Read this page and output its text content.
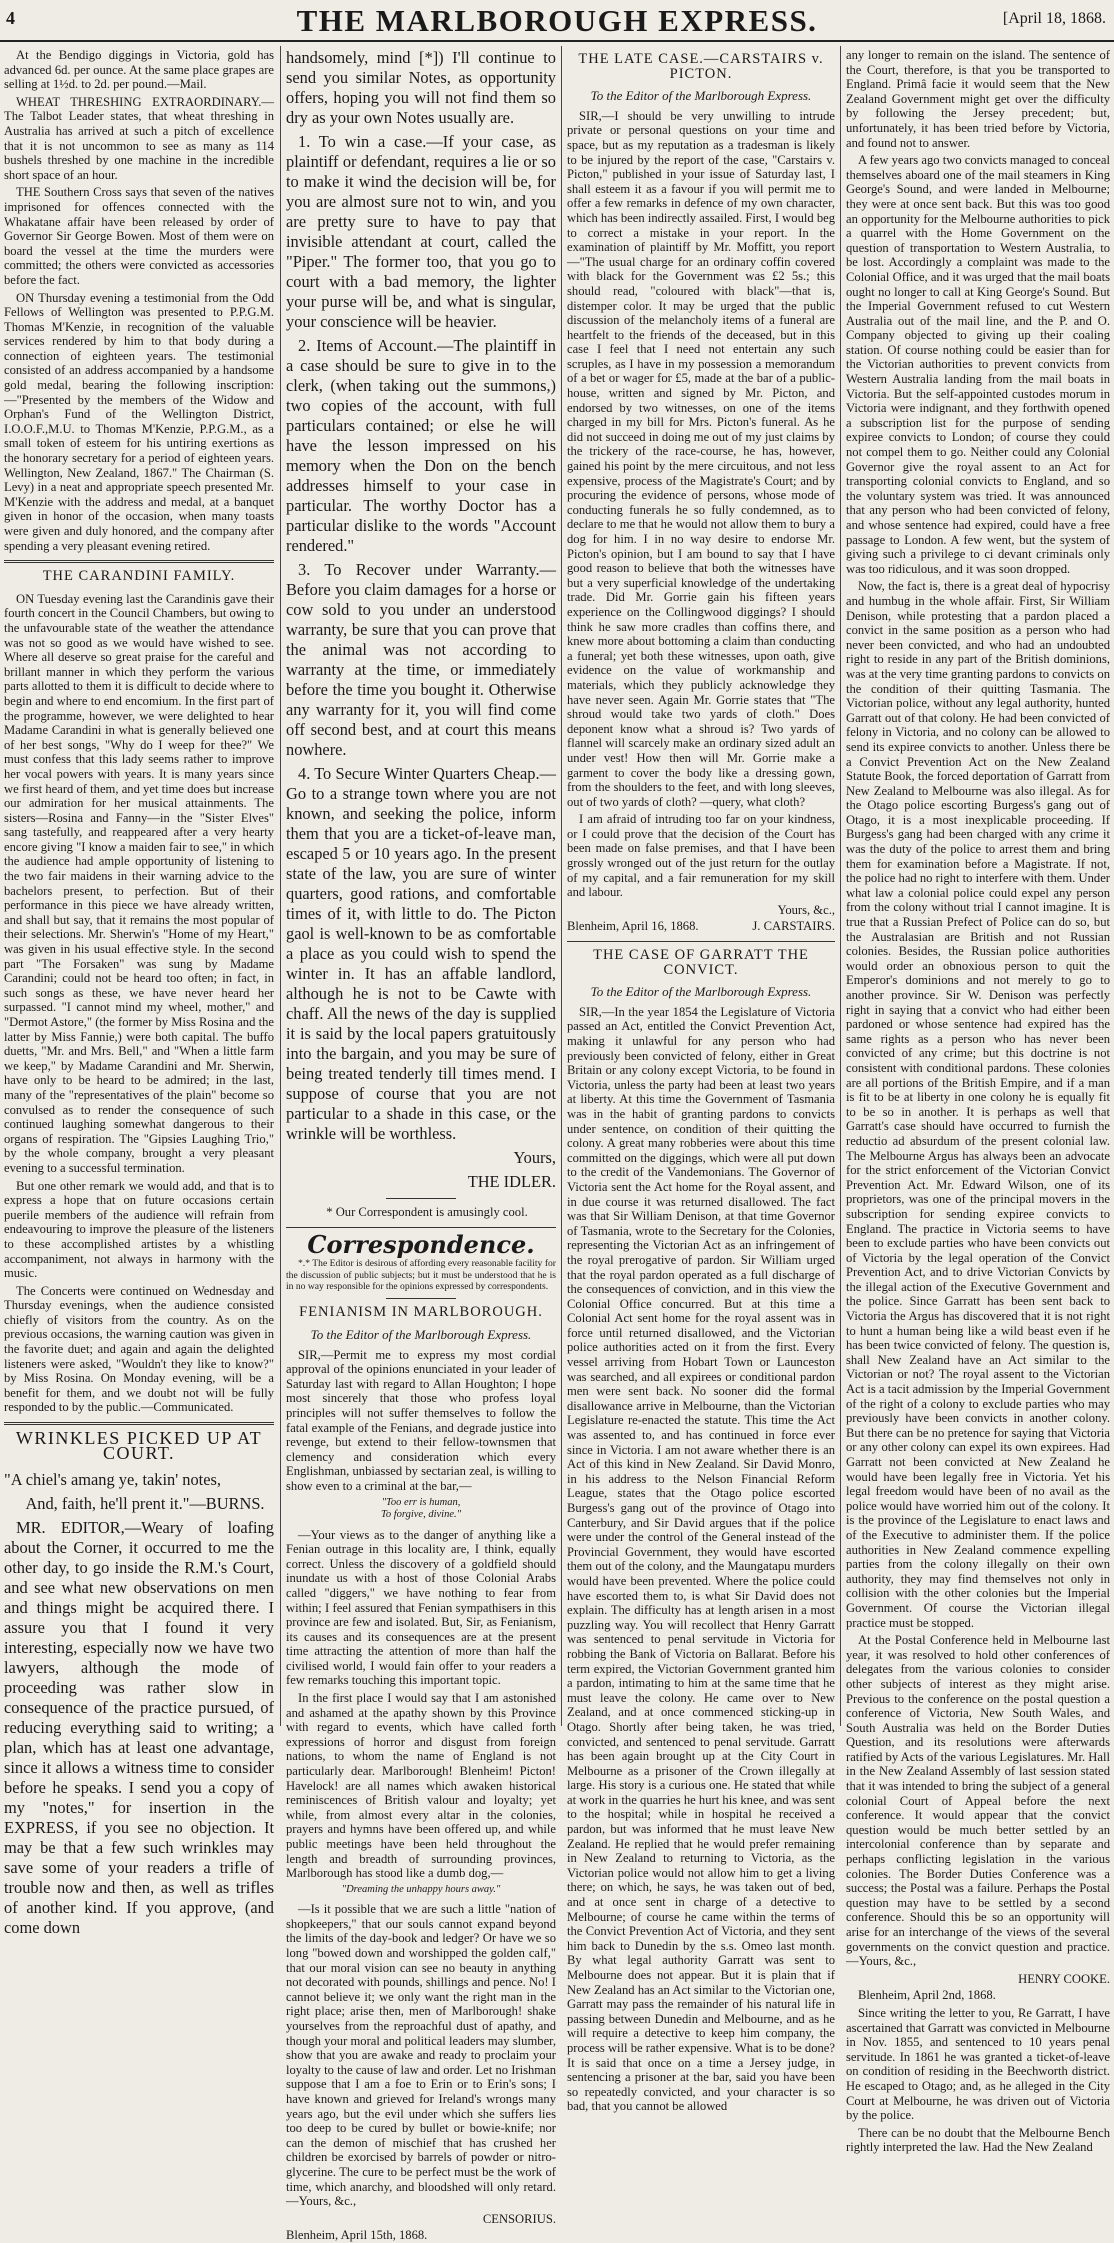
4	THE MARLBOROUGH EXPRESS.	[April 18, 1868.

At the Bendigo diggings in Victoria, gold has advanced 6d. per ounce. At the same place grapes are selling at 1½d. to 2d. per pound.—Mail.

WHEAT THRESHING EXTRAORDINARY.—The Talbot Leader states, that wheat threshing in Australia has arrived at such a pitch of excellence that it is not uncommon to see as many as 114 bushels threshed by one machine in the incredible short space of an hour.

THE Southern Cross says that seven of the natives imprisoned for offences connected with the Whakatane affair have been released by order of Governor Sir George Bowen. Most of them were on board the vessel at the time the murders were committed; the others were convicted as accessories before the fact.

ON Thursday evening a testimonial from the Odd Fellows of Wellington was presented to P.P.G.M. Thomas M'Kenzie, in recognition of the valuable services rendered by him to that body during a connection of eighteen years. The testimonial consisted of an address accompanied by a handsome gold medal, bearing the following inscription:—"Presented by the members of the Widow and Orphan's Fund of the Wellington District, I.O.O.F.,M.U. to Thomas M'Kenzie, P.P.G.M., as a small token of esteem for his untiring exertions as the honorary secretary for a period of eighteen years. Wellington, New Zealand, 1867." The Chairman (S. Levy) in a neat and appropriate speech presented Mr. M'Kenzie with the address and medal, at a banquet given in honor of the occasion, when many toasts were given and duly honored, and the company after spending a very pleasant evening retired.

THE CARANDINI FAMILY.

ON Tuesday evening last the Carandinis gave their fourth concert in the Council Chambers, but owing to the unfavourable state of the weather the attendance was not so good as we would have wished to see. Where all deserve so great praise for the careful and brillant manner in which they perform the various parts allotted to them it is difficult to decide where to begin and where to end encomium. In the first part of the programme, however, we were delighted to hear Madame Carandini in what is generally believed one of her best songs, "Why do I weep for thee?" We must confess that this lady seems rather to improve her vocal powers with years. It is many years since we first heard of them, and yet time does but increase our admiration for her musical attainments. The sisters—Rosina and Fanny—in the "Sister Elves" sang tastefully, and reappeared after a very hearty encore giving "I know a maiden fair to see," in which the audience had ample opportunity of listening to the two fair maidens in their warning advice to the bachelors present, to perfection. But of their performance in this piece we have already written, and shall but say, that it remains the most popular of their selections. Mr. Sherwin's "Home of my Heart," was given in his usual effective style. In the second part "The Forsaken" was sung by Madame Carandini; could not be heard too often; in fact, in such songs as these, we have never heard her surpassed. "I cannot mind my wheel, mother," and "Dermot Astore," (the former by Miss Rosina and the latter by Miss Fannie,) were both capital. The buffo duetts, "Mr. and Mrs. Bell," and "When a little farm we keep," by Madame Carandini and Mr. Sherwin, have only to be heard to be admired; in the last, many of the "representatives of the plain" become so convulsed as to render the consequence of such continued laughing somewhat dangerous to their organs of respiration. The "Gipsies Laughing Trio," by the whole company, brought a very pleasant evening to a successful termination.

But one other remark we would add, and that is to express a hope that on future occasions certain puerile members of the audience will refrain from endeavouring to improve the pleasure of the listeners to these accomplished artistes by a whistling accompaniment, not always in harmony with the music.

The Concerts were continued on Wednesday and Thursday evenings, when the audience consisted chiefly of visitors from the country. As on the previous occasions, the warning caution was given in the favorite duet; and again and again the delighted listeners were asked, "Wouldn't they like to know?" by Miss Rosina. On Monday evening, will be a benefit for them, and we doubt not will be fully responded to by the public.—Communicated.

WRINKLES PICKED UP AT COURT.

"A chiel's amang ye, takin' notes,

And, faith, he'll prent it."—BURNS.

MR. EDITOR,—Weary of loafing about the Corner, it occurred to me the other day, to go inside the R.M.'s Court, and see what new observations on men and things might be acquired there. I assure you that I found it very interesting, especially now we have two lawyers, although the mode of proceeding was rather slow in consequence of the practice pursued, of reducing everything said to writing; a plan, which has at least one advantage, since it allows a witness time to consider before he speaks. I send you a copy of my "notes," for insertion in the EXPRESS, if you see no objection. It may be that a few such wrinkles may save some of your readers a trifle of trouble now and then, as well as trifles of another kind. If you approve, (and come down

handsomely, mind [*]) I'll continue to send you similar Notes, as opportunity offers, hoping you will not find them so dry as your own Notes usually are.

1. To win a case.—If your case, as plaintiff or defendant, requires a lie or so to make it wind the decision will be, for you are almost sure not to win, and you are pretty sure to have to pay that invisible attendant at court, called the "Piper." The former too, that you go to court with a bad memory, the lighter your purse will be, and what is singular, your conscience will be heavier.

2. Items of Account.—The plaintiff in a case should be sure to give in to the clerk, (when taking out the summons,) two copies of the account, with full particulars contained; or else he will have the lesson impressed on his memory when the Don on the bench addresses himself to your case in particular. The worthy Doctor has a particular dislike to the words "Account rendered."

3. To Recover under Warranty.—Before you claim damages for a horse or cow sold to you under an understood warranty, be sure that you can prove that the animal was not according to warranty at the time, or immediately before the time you bought it. Otherwise any warranty for it, you will find come off second best, and at court this means nowhere.

4. To Secure Winter Quarters Cheap.—Go to a strange town where you are not known, and seeking the police, inform them that you are a ticket-of-leave man, escaped 5 or 10 years ago. In the present state of the law, you are sure of winter quarters, good rations, and comfortable times of it, with little to do. The Picton gaol is well-known to be as comfortable a place as you could wish to spend the winter in. It has an affable landlord, although he is not to be Cawte with chaff. All the news of the day is supplied it is said by the local papers gratuitously into the bargain, and you may be sure of being treated tenderly till times mend. I suppose of course that you are not particular to a shade in this case, or the wrinkle will be worthless.

Yours,

THE IDLER.

* Our Correspondent is amusingly cool.

Correspondence.

*.* The Editor is desirous of affording every reasonable facility for the discussion of public subjects; but it must be understood that he is in no way responsible for the opinions expressed by correspondents.

FENIANISM IN MARLBOROUGH.
To the Editor of the Marlborough Express.

SIR,—Permit me to express my most cordial approval of the opinions enunciated in your leader of Saturday last with regard to Allan Houghton; I hope most sincerely that those who profess loyal principles will not suffer themselves to follow the fatal example of the Fenians, and degrade justice into revenge, but extend to their fellow-townsmen that clemency and consideration which every Englishman, unbiassed by sectarian zeal, is willing to show even to a criminal at the bar,—

"Too err is human,
To forgive, divine."

—Your views as to the danger of anything like a Fenian outrage in this locality are, I think, equally correct. Unless the discovery of a goldfield should inundate us with a host of those Colonial Arabs called "diggers," we have nothing to fear from within; I feel assured that Fenian sympathisers in this province are few and isolated. But, Sir, as Fenianism, its causes and its consequences are at the present time attracting the attention of more than half the civilised world, I would fain offer to your readers a few remarks touching this important topic.

In the first place I would say that I am astonished and ashamed at the apathy shown by this Province with regard to events, which have called forth expressions of horror and disgust from foreign nations, to whom the name of England is not particularly dear. Marlborough! Blenheim! Picton! Havelock! are all names which awaken historical reminiscences of British valour and loyalty; yet while, from almost every altar in the colonies, prayers and hymns have been offered up, and while public meetings have been held throughout the length and breadth of surrounding provinces, Marlborough has stood like a dumb dog,—

"Dreaming the unhappy hours away."

—Is it possible that we are such a little "nation of shopkeepers," that our souls cannot expand beyond the limits of the day-book and ledger? Or have we so long "bowed down and worshipped the golden calf," that our moral vision can see no beauty in anything not decorated with pounds, shillings and pence. No! I cannot believe it; we only want the right man in the right place; arise then, men of Marlborough! shake yourselves from the reproachful dust of apathy, and though your moral and political leaders may slumber, show that you are awake and ready to proclaim your loyalty to the cause of law and order. Let no Irishman suppose that I am a foe to Erin or to Erin's sons; I have known and grieved for Ireland's wrongs many years ago, but the evil under which she suffers lies too deep to be cured by bullet or bowie-knife; nor can the demon of mischief that has crushed her children be exorcised by barrels of powder or nitro-glycerine. The cure to be perfect must be the work of time, which anarchy, and bloodshed will only retard.—Yours, &c.,

CENSORIUS.

Blenheim, April 15th, 1868.

THE LATE CASE.—CARSTAIRS v. PICTON.
To the Editor of the Marlborough Express.

SIR,—I should be very unwilling to intrude private or personal questions on your time and space, but as my reputation as a tradesman is likely to be injured by the report of the case, "Carstairs v. Picton," published in your issue of Saturday last, I shall esteem it as a favour if you will permit me to offer a few remarks in defence of my own character, which has been indirectly assailed. First, I would beg to correct a mistake in your report. In the examination of plaintiff by Mr. Moffitt, you report—"The usual charge for an ordinary coffin covered with black for the Government was £2 5s.; this should read, "coloured with black"—that is, distemper color. It may be urged that the public discussion of the melancholy items of a funeral are heartfelt to the friends of the deceased, but in this case I feel that I need not entertain any such scruples, as I have in my possession a memorandum of a bet or wager for £5, made at the bar of a public-house, written and signed by Mr. Picton, and endorsed by two witnesses, on one of the items charged in my bill for Mrs. Picton's funeral. As he did not succeed in doing me out of my just claims by the trickery of the race-course, he has, however, gained his point by the mere circuitous, and not less expensive, process of the Magistrate's Court; and by procuring the evidence of persons, whose mode of conducting funerals he so fully condemned, as to declare to me that he would not allow them to bury a dog for him. I in no way desire to endorse Mr. Picton's opinion, but I am bound to say that I have good reason to believe that both the witnesses have but a very superficial knowledge of the undertaking trade. Did Mr. Gorrie gain his fifteen years experience on the Collingwood diggings? I should think he saw more cradles than coffins there, and knew more about bottoming a claim than conducting a funeral; yet both these witnesses, upon oath, give evidence on the value of workmanship and materials, which they publicly acknowledge they have never seen. Again Mr. Gorrie states that "The shroud would take two yards of cloth." Does deponent know what a shroud is? Two yards of flannel will scarcely make an ordinary sized adult an under vest! How then will Mr. Gorrie make a garment to cover the body like a dressing gown, from the shoulders to the feet, and with long sleeves, out of two yards of cloth? —query, what cloth?

I am afraid of intruding too far on your kindness, or I could prove that the decision of the Court has been made on false premises, and that I have been grossly wronged out of the just return for the outlay of my capital, and a fair remuneration for my skill and labour.

Yours, &c.,

Blenheim, April 16, 1868.	J. CARSTAIRS.

THE CASE OF GARRATT THE CONVICT.
To the Editor of the Marlborough Express.

SIR,—In the year 1854 the Legislature of Victoria passed an Act, entitled the Convict Prevention Act, making it unlawful for any person who had previously been convicted of felony, either in Great Britain or any colony except Victoria, to be found in Victoria, unless the party had been at least two years at liberty. At this time the Government of Tasmania was in the habit of granting pardons to convicts under sentence, on condition of their quitting the colony. A great many robberies were about this time committed on the diggings, which were all put down to the credit of the Vandemonians. The Governor of Victoria sent the Act home for the Royal assent, and in due course it was returned disallowed. The fact was that Sir William Denison, at that time Governor of Tasmania, wrote to the Secretary for the Colonies, representing the Victorian Act as an infringement of the royal prerogative of pardon. Sir William urged that the royal pardon operated as a full discharge of the consequences of conviction, and in this view the Colonial Office concurred. But at this time a Colonial Act sent home for the royal assent was in force until returned disallowed, and the Victorian police authorities acted on it from the first. Every vessel arriving from Hobart Town or Launceston was searched, and all expirees or conditional pardon men were sent back. No sooner did the formal disallowance arrive in Melbourne, than the Victorian Legislature re-enacted the statute. This time the Act was assented to, and has continued in force ever since in Victoria. I am not aware whether there is an Act of this kind in New Zealand. Sir David Monro, in his address to the Nelson Financial Reform League, states that the Otago police escorted Burgess's gang out of the province of Otago into Canterbury, and Sir David argues that if the police were under the control of the General instead of the Provincial Government, they would have escorted them out of the colony, and the Maungatapu murders would have been prevented. Where the police could have escorted them to, is what Sir David does not explain. The difficulty has at length arisen in a most puzzling way. You will recollect that Henry Garratt was sentenced to penal servitude in Victoria for robbing the Bank of Victoria on Ballarat. Before his term expired, the Victorian Government granted him a pardon, intimating to him at the same time that he must leave the colony. He came over to New Zealand, and at once commenced sticking-up in Otago. Shortly after being taken, he was tried, convicted, and sentenced to penal servitude. Garratt has been again brought up at the City Court in Melbourne as a prisoner of the Crown illegally at large. His story is a curious one. He stated that while at work in the quarries he hurt his knee, and was sent to the hospital; while in hospital he received a pardon, but was informed that he must leave New Zealand. He replied that he would prefer remaining in New Zealand to returning to Victoria, as the Victorian police would not allow him to get a living there; on which, he says, he was taken out of bed, and at once sent in charge of a detective to Melbourne; of course he came within the terms of the Convict Prevention Act of Victoria, and they sent him back to Dunedin by the s.s. Omeo last month. By what legal authority Garratt was sent to Melbourne does not appear. But it is plain that if New Zealand has an Act similar to the Victorian one, Garratt may pass the remainder of his natural life in passing between Dunedin and Melbourne, and as he will require a detective to keep him company, the process will be rather expensive. What is to be done? It is said that once on a time a Jersey judge, in sentencing a prisoner at the bar, said you have been so repeatedly convicted, and your character is so bad, that you cannot be allowed

any longer to remain on the island. The sentence of the Court, therefore, is that you be transported to England. Primâ facie it would seem that the New Zealand Government might get over the difficulty by following the Jersey precedent; but, unfortunately, it has been tried before by Victoria, and found not to answer.

A few years ago two convicts managed to conceal themselves aboard one of the mail steamers in King George's Sound, and were landed in Melbourne; they were at once sent back. But this was too good an opportunity for the Melbourne authorities to pick a quarrel with the Home Government on the question of transportation to Western Australia, to be lost. Accordingly a complaint was made to the Colonial Office, and it was urged that the mail boats ought no longer to call at King George's Sound. But the Imperial Government refused to cut Western Australia out of the mail line, and the P. and O. Company objected to giving up their coaling station. Of course nothing could be easier than for the Victorian authorities to prevent convicts from Western Australia landing from the mail boats in Victoria. But the self-appointed custodes morum in Victoria were indignant, and they forthwith opened a subscription list for the purpose of sending expiree convicts to London; of course they could not compel them to go. Neither could any Colonial Governor give the royal assent to an Act for transporting colonial convicts to England, and so the voluntary system was tried. It was announced that any person who had been convicted of felony, and whose sentence had expired, could have a free passage to London. A few went, but the system of giving such a privilege to ci devant criminals only was too ridiculous, and it was soon dropped.

Now, the fact is, there is a great deal of hypocrisy and humbug in the whole affair. First, Sir William Denison, while protesting that a pardon placed a convict in the same position as a person who had never been convicted, and who had an undoubted right to reside in any part of the British dominions, was at the very time granting pardons to convicts on the condition of their quitting Tasmania. The Victorian police, without any legal authority, hunted Garratt out of that colony. He had been convicted of felony in Victoria, and no colony can be allowed to send its expiree convicts to another. Unless there be a Convict Prevention Act on the New Zealand Statute Book, the forced deportation of Garratt from New Zealand to Melbourne was also illegal. As for the Otago police escorting Burgess's gang out of Otago, it is a most inexplicable proceeding. If Burgess's gang had been charged with any crime it was the duty of the police to arrest them and bring them for examination before a Magistrate. If not, the police had no right to interfere with them. Under what law a colonial police could expel any person from the colony without trial I cannot imagine. It is true that a Russian Prefect of Police can do so, but the Australasian are British and not Russian colonies. Besides, the Russian police authorities would order an obnoxious person to quit the Emperor's dominions and not merely to go to another province. Sir W. Denison was perfectly right in saying that a convict who had either been pardoned or whose sentence had expired has the same rights as a person who has never been convicted of any crime; but this doctrine is not consistent with conditional pardons. These colonies are all portions of the British Empire, and if a man is fit to be at liberty in one colony he is equally fit to be so in another. It is perhaps as well that Garratt's case should have occurred to furnish the reductio ad absurdum of the present colonial law. The Melbourne Argus has always been an advocate for the strict enforcement of the Victorian Convict Prevention Act. Mr. Edward Wilson, one of its proprietors, was one of the principal movers in the subscription for sending expiree convicts to England. The practice in Victoria seems to have been to exclude parties who have been convicts out of Victoria by the legal operation of the Convict Prevention Act, and to drive Victorian Convicts by the illegal action of the Executive Government and the police. Since Garratt has been sent back to Victoria the Argus has discovered that it is not right to hunt a human being like a wild beast even if he has been twice convicted of felony. The question is, shall New Zealand have an Act similar to the Victorian or not? The royal assent to the Victorian Act is a tacit admission by the Imperial Government of the right of a colony to exclude parties who may previously have been convicts in another colony. But there can be no pretence for saying that Victoria or any other colony can expel its own expirees. Had Garratt not been convicted at New Zealand he would have been legally free in Victoria. Yet his legal freedom would have been of no avail as the police would have worried him out of the colony. It is the province of the Legislature to enact laws and of the Executive to administer them. If the police authorities in New Zealand commence expelling parties from the colony illegally on their own authority, they may find themselves not only in collision with the other colonies but the Imperial Government. Of course the Victorian illegal practice must be stopped.

At the Postal Conference held in Melbourne last year, it was resolved to hold other conferences of delegates from the various colonies to consider other subjects of interest as they might arise. Previous to the conference on the postal question a conference of Victoria, New South Wales, and South Australia was held on the Border Duties Question, and its resolutions were afterwards ratified by Acts of the various Legislatures. Mr. Hall in the New Zealand Assembly of last session stated that it was intended to bring the subject of a general colonial Court of Appeal before the next conference. It would appear that the convict question would be much better settled by an intercolonial conference than by separate and perhaps conflicting legislation in the various colonies. The Border Duties Conference was a success; the Postal was a failure. Perhaps the Postal question may have to be settled by a second conference. Should this be so an opportunity will arise for an interchange of the views of the several governments on the convict question and practice.—Yours, &c.,

HENRY COOKE.

Blenheim, April 2nd, 1868.

Since writing the letter to you, Re Garratt, I have ascertained that Garratt was convicted in Melbourne in Nov. 1855, and sentenced to 10 years penal servitude. In 1861 he was granted a ticket-of-leave on condition of residing in the Beechworth district. He escaped to Otago; and, as he alleged in the City Court at Melbourne, he was driven out of Victoria by the police.

There can be no doubt that the Melbourne Bench rightly interpreted the law. Had the New Zealand
